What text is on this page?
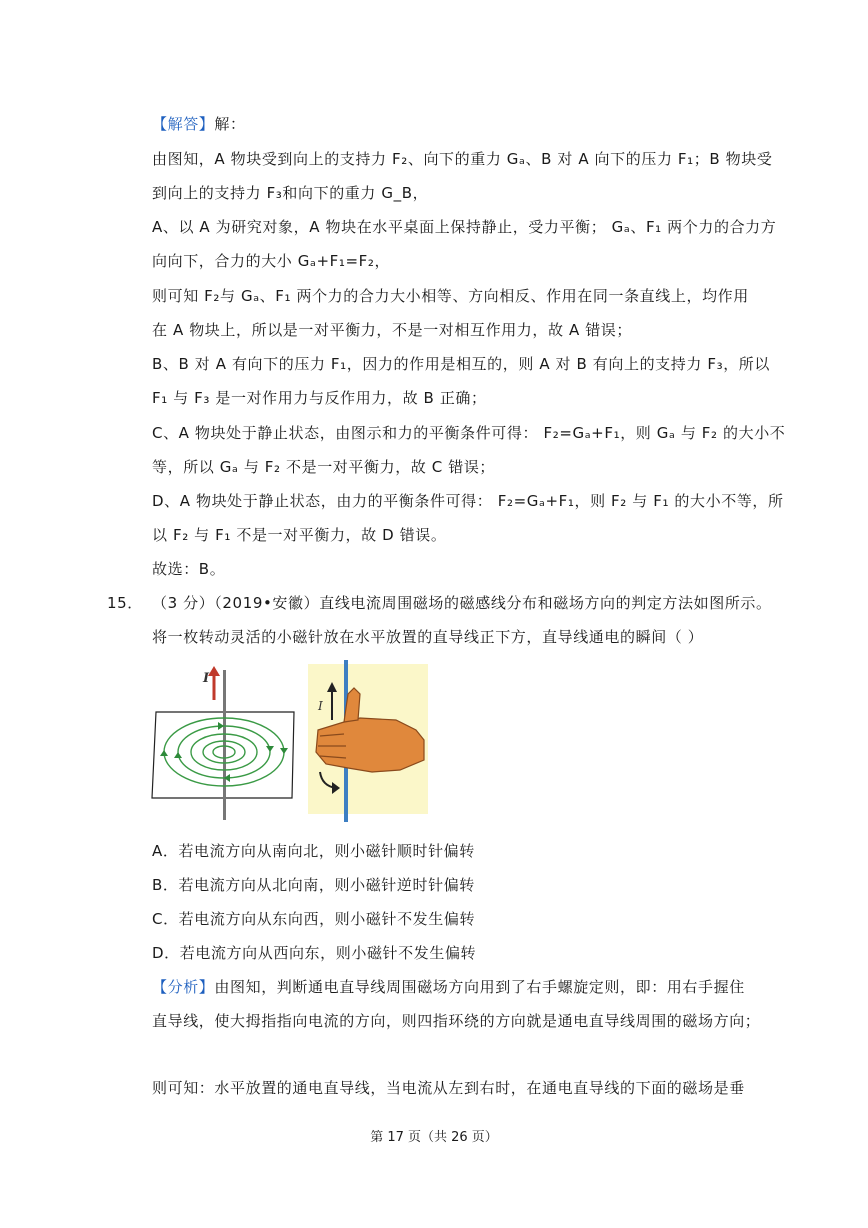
【解答】解：
由图知，A 物块受到向上的支持力 F₂、向下的重力 Gₐ、B 对 A 向下的压力 F₁；B 物块受
到向上的支持力 F₃和向下的重力 G_B，
A、以 A 为研究对象，A 物块在水平桌面上保持静止，受力平衡； Gₐ、F₁ 两个力的合力方
向向下，合力的大小 Gₐ+F₁=F₂，
则可知 F₂与 Gₐ、F₁ 两个力的合力大小相等、方向相反、作用在同一条直线上，均作用
在 A 物块上，所以是一对平衡力，不是一对相互作用力，故 A 错误；
B、B 对 A 有向下的压力 F₁，因力的作用是相互的，则 A 对 B 有向上的支持力 F₃，所以
F₁ 与 F₃ 是一对作用力与反作用力，故 B 正确；
C、A 物块处于静止状态，由图示和力的平衡条件可得： F₂=Gₐ+F₁，则 Gₐ 与 F₂ 的大小不
等，所以 Gₐ 与 F₂ 不是一对平衡力，故 C 错误；
D、A 物块处于静止状态，由力的平衡条件可得： F₂=Gₐ+F₁，则 F₂ 与 F₁ 的大小不等，所
以 F₂ 与 F₁ 不是一对平衡力，故 D 错误。
故选：B。
15． （3 分）（2019•安徽）直线电流周围磁场的磁感线分布和磁场方向的判定方法如图所示。
将一枚转动灵活的小磁针放在水平放置的直导线正下方，直导线通电的瞬间（ ）
I
I
A．若电流方向从南向北，则小磁针顺时针偏转
B．若电流方向从北向南，则小磁针逆时针偏转
C．若电流方向从东向西，则小磁针不发生偏转
D．若电流方向从西向东，则小磁针不发生偏转
【分析】由图知，判断通电直导线周围磁场方向用到了右手螺旋定则，即：用右手握住
直导线，使大拇指指向电流的方向，则四指环绕的方向就是通电直导线周围的磁场方向；
则可知：水平放置的通电直导线，当电流从左到右时，在通电直导线的下面的磁场是垂
第 17 页（共 26 页）
